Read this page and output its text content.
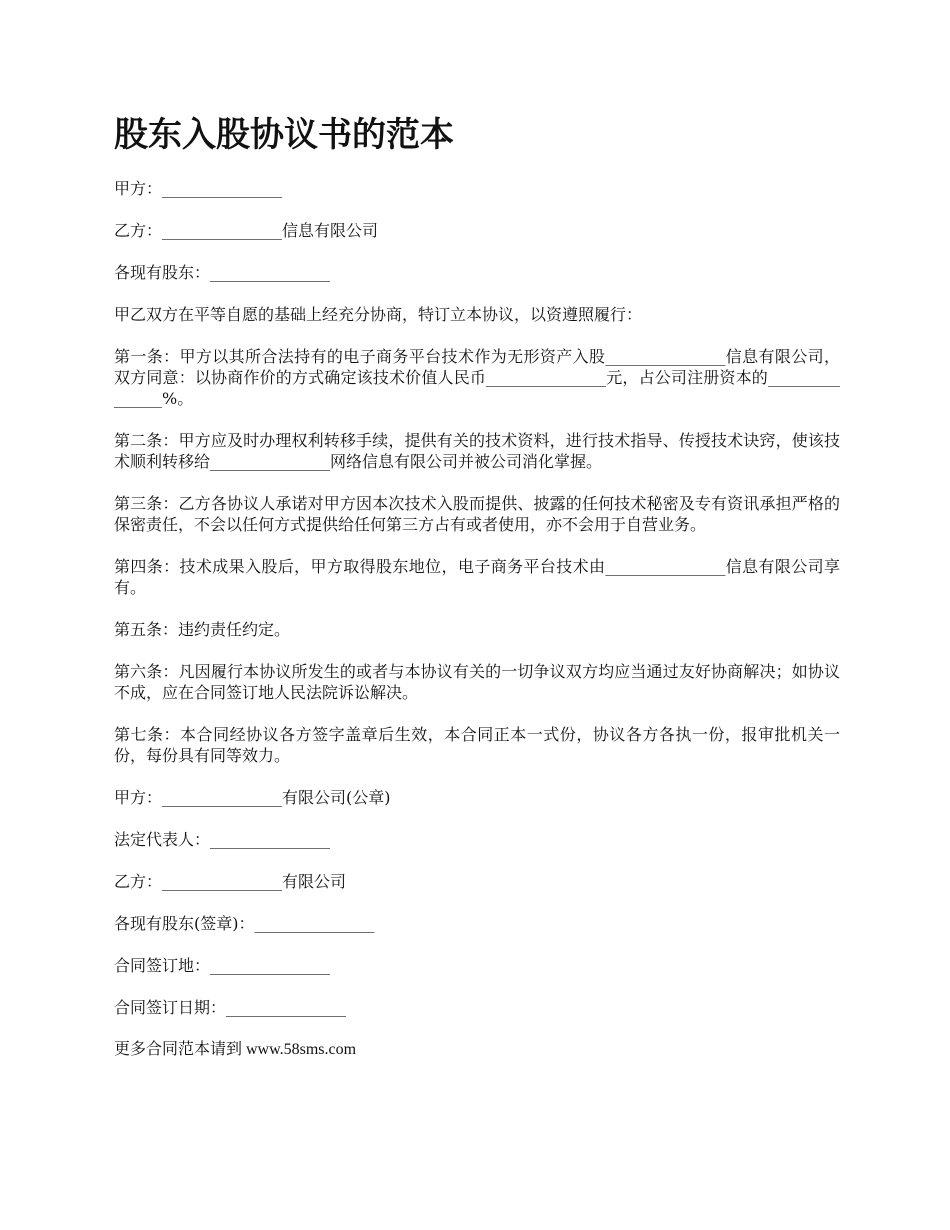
股东入股协议书的范本

甲方：_______________

乙方：_______________信息有限公司

各现有股东：_______________

甲乙双方在平等自愿的基础上经充分协商，特订立本协议，以资遵照履行：

第一条：甲方以其所合法持有的电子商务平台技术作为无形资产入股_______________信息有限公司，双方同意：以协商作价的方式确定该技术价值人民币_______________元，占公司注册资本的_______________%。

第二条：甲方应及时办理权利转移手续，提供有关的技术资料，进行技术指导、传授技术诀窍，使该技术顺利转移给_______________网络信息有限公司并被公司消化掌握。

第三条：乙方各协议人承诺对甲方因本次技术入股而提供、披露的任何技术秘密及专有资讯承担严格的保密责任，不会以任何方式提供给任何第三方占有或者使用，亦不会用于自营业务。

第四条：技术成果入股后，甲方取得股东地位，电子商务平台技术由_______________信息有限公司享有。

第五条：违约责任约定。

第六条：凡因履行本协议所发生的或者与本协议有关的一切争议双方均应当通过友好协商解决；如协议不成，应在合同签订地人民法院诉讼解决。

第七条：本合同经协议各方签字盖章后生效，本合同正本一式份，协议各方各执一份，报审批机关一份，每份具有同等效力。

甲方：_______________有限公司(公章)

法定代表人：_______________

乙方：_______________有限公司

各现有股东(签章)：_______________

合同签订地：_______________

合同签订日期：_______________

更多合同范本请到 www.58sms.com
